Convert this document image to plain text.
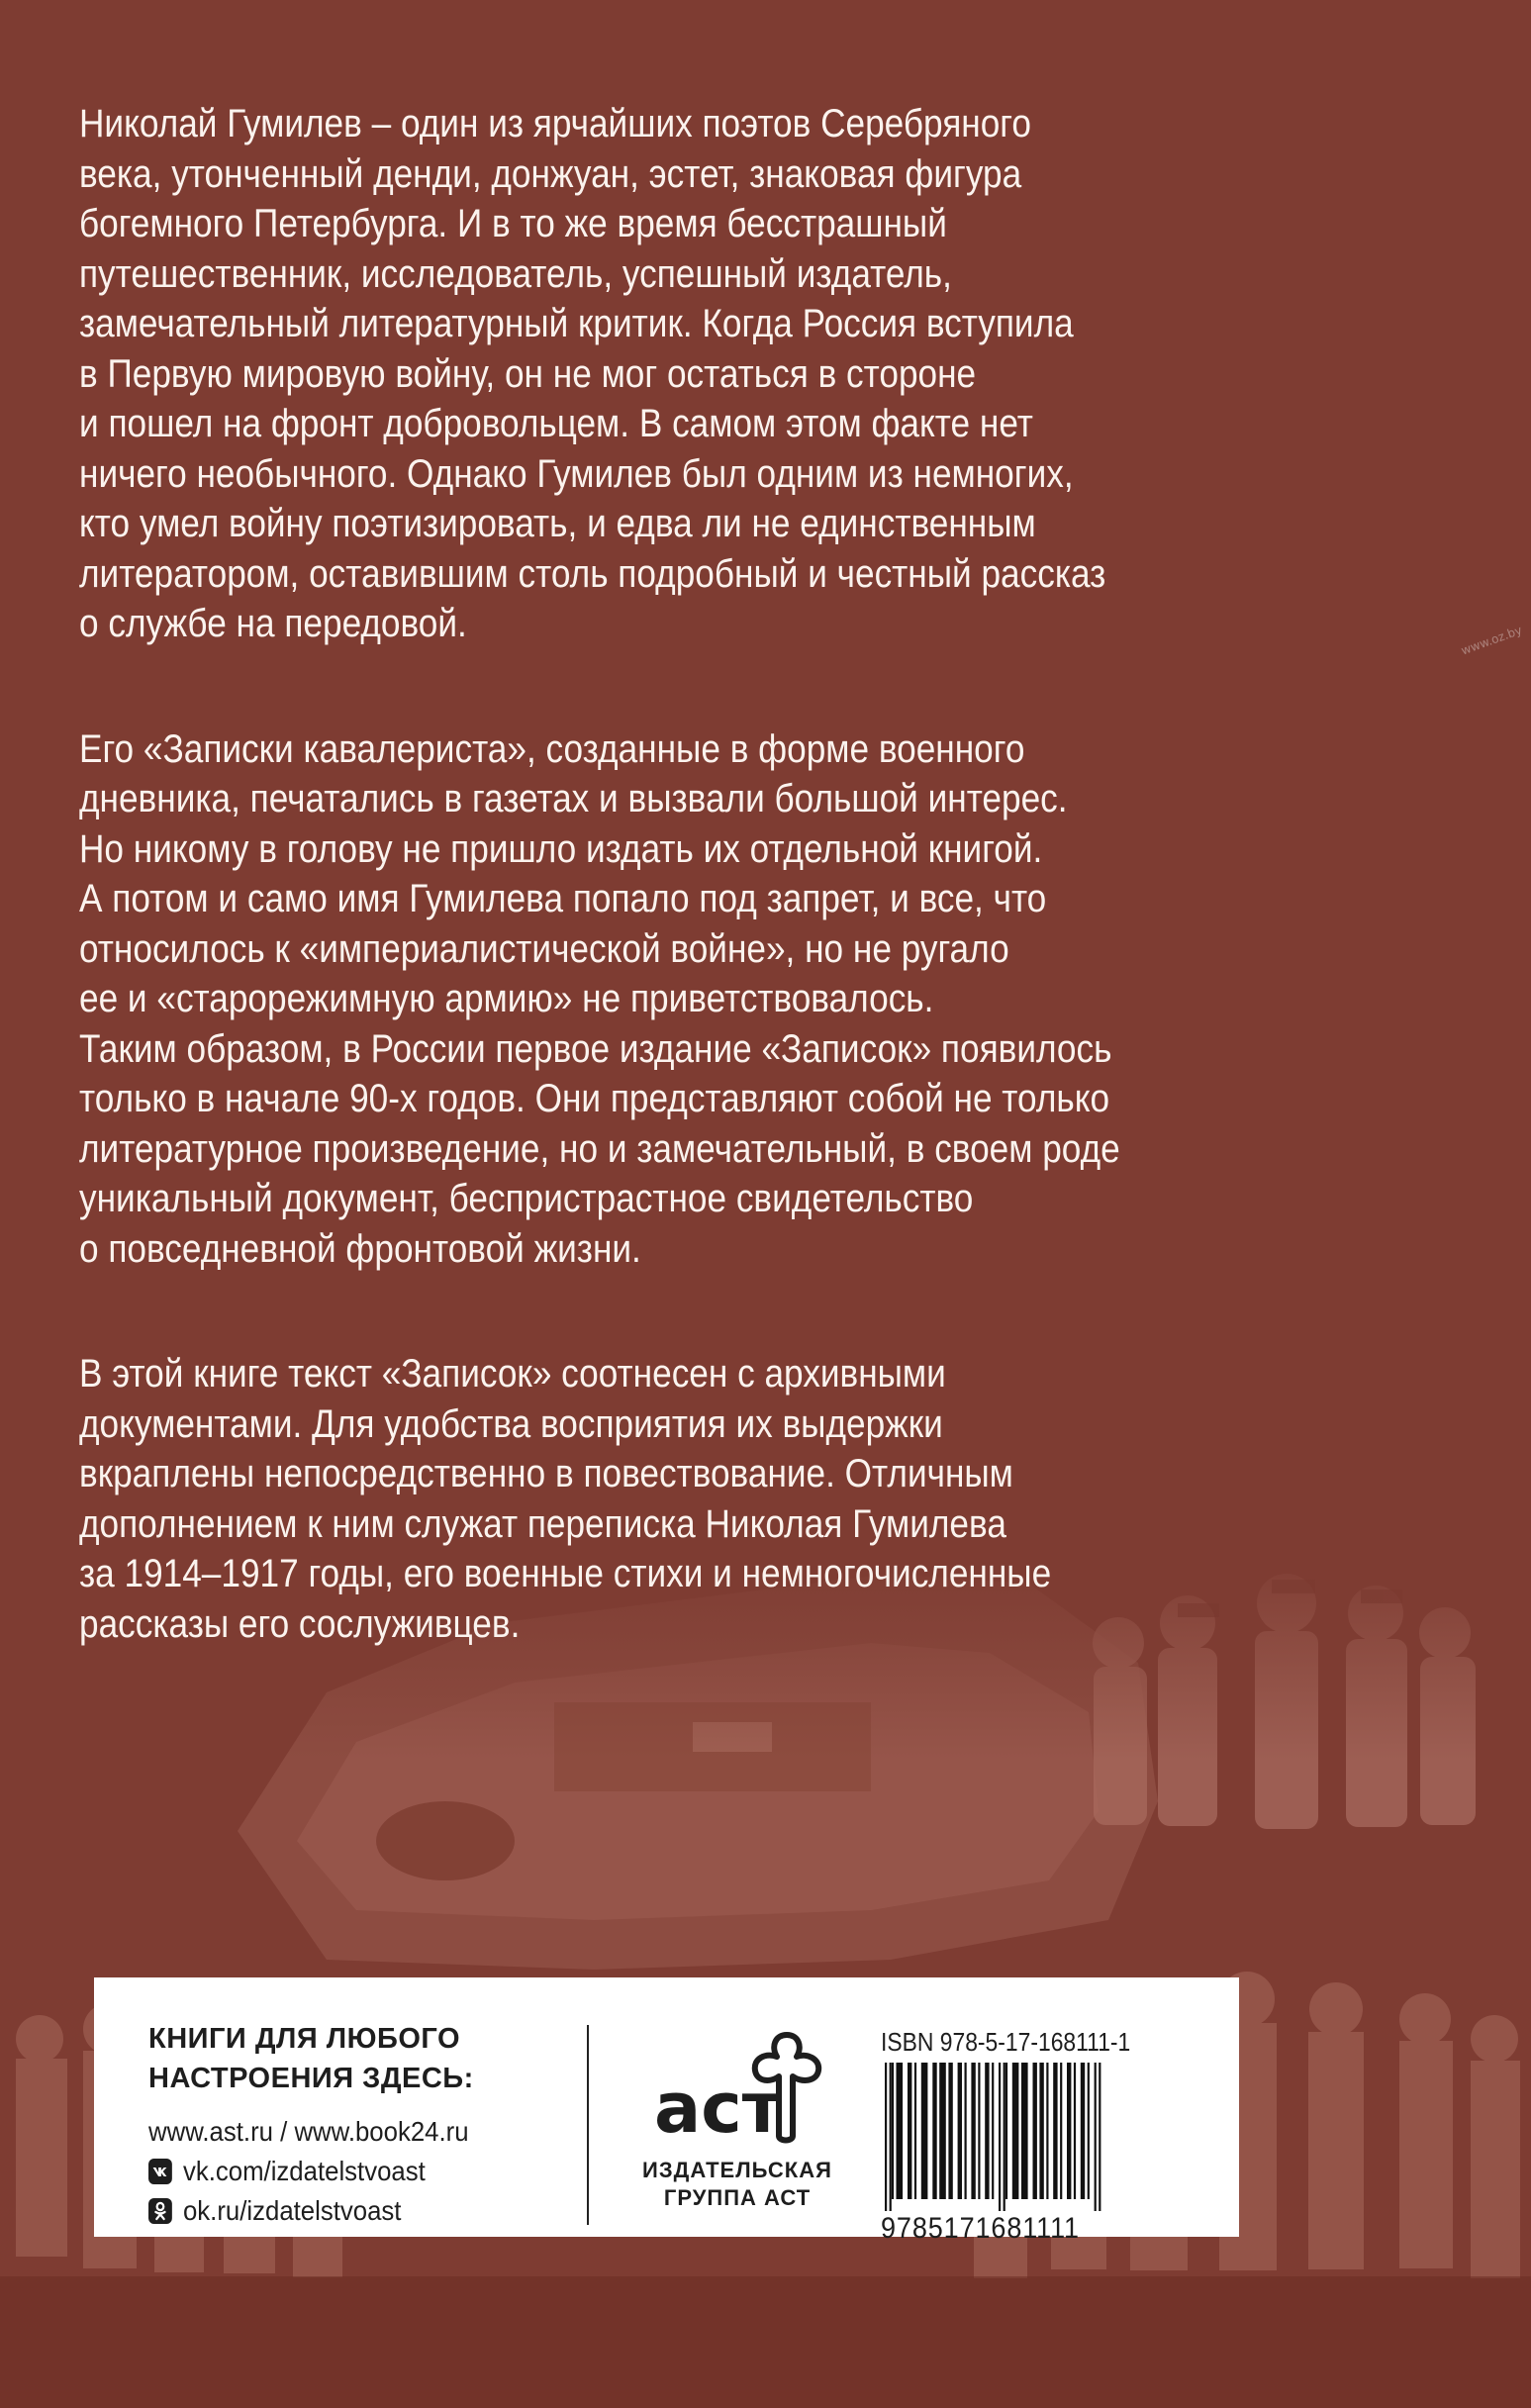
www.oz.by

Николай Гумилев – один из ярчайших поэтов Серебряного
века, утонченный денди, донжуан, эстет, знаковая фигура
богемного Петербурга. И в то же время бесстрашный
путешественник, исследователь, успешный издатель,
замечательный литературный критик. Когда Россия вступила
в Первую мировую войну, он не мог остаться в стороне
и пошел на фронт добровольцем. В самом этом факте нет
ничего необычного. Однако Гумилев был одним из немногих,
кто умел войну поэтизировать, и едва ли не единственным
литератором, оставившим столь подробный и честный рассказ
о службе на передовой.

Его «Записки кавалериста», созданные в форме военного
дневника, печатались в газетах и вызвали большой интерес.
Но никому в голову не пришло издать их отдельной книгой.
А потом и само имя Гумилева попало под запрет, и все, что
относилось к «империалистической войне», но не ругало
ее и «старорежимную армию» не приветствовалось.
Таким образом, в России первое издание «Записок» появилось
только в начале 90-х годов. Они представляют собой не только
литературное произведение, но и замечательный, в своем роде
уникальный документ, беспристрастное свидетельство
о повседневной фронтовой жизни.

В этой книге текст «Записок» соотнесен с архивными
документами. Для удобства восприятия их выдержки
вкраплены непосредственно в повествование. Отличным
дополнением к ним служат переписка Николая Гумилева
за 1914–1917 годы, его военные стихи и немногочисленные
рассказы его сослуживцев.

КНИГИ ДЛЯ ЛЮБОГО
НАСТРОЕНИЯ ЗДЕСЬ:
www.ast.ru / www.book24.ru
vk.com/izdatelstvoast
ok.ru/izdatelstvoast
аст
ИЗДАТЕЛЬСКАЯ
ГРУППА АСТ
ISBN 978-5-17-168111-1
9785171681111
